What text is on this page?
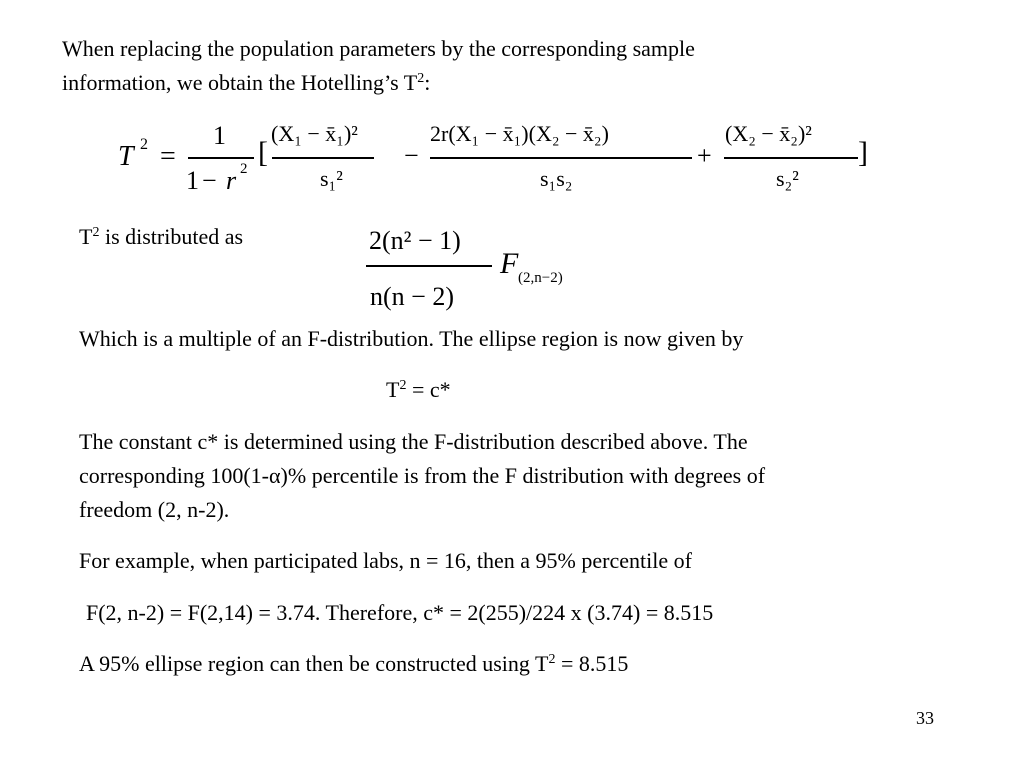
When replacing the population parameters by the corresponding sample
information, we obtain the Hotelling’s $T^2$:
T 2 =
1
1 − r 2 [
(X₁ − x̄₁)²
s₁²
−
2r(X₁ − x̄₁)(X₂ − x̄₂)
s₁s₂
+
(X₂ − x̄₂)²
s₂²
]
$T^2$ is distributed as	2(n² − 1)
n(n − 2)
F (2,n−2)
Which is a multiple of an F-distribution. The ellipse region is now given by
$T^2 = c*$
The constant c* is determined using the F-distribution described above. The
corresponding 100(1-α)% percentile is from the F distribution with degrees of
freedom (2, n-2).
For example, when participated labs, n = 16, then a 95% percentile of
F(2, n-2) = F(2,14) = 3.74. Therefore, c* = 2(255)/224 x (3.74) = 8.515
A 95% ellipse region can then be constructed using $T^2 = 8.515$
33
